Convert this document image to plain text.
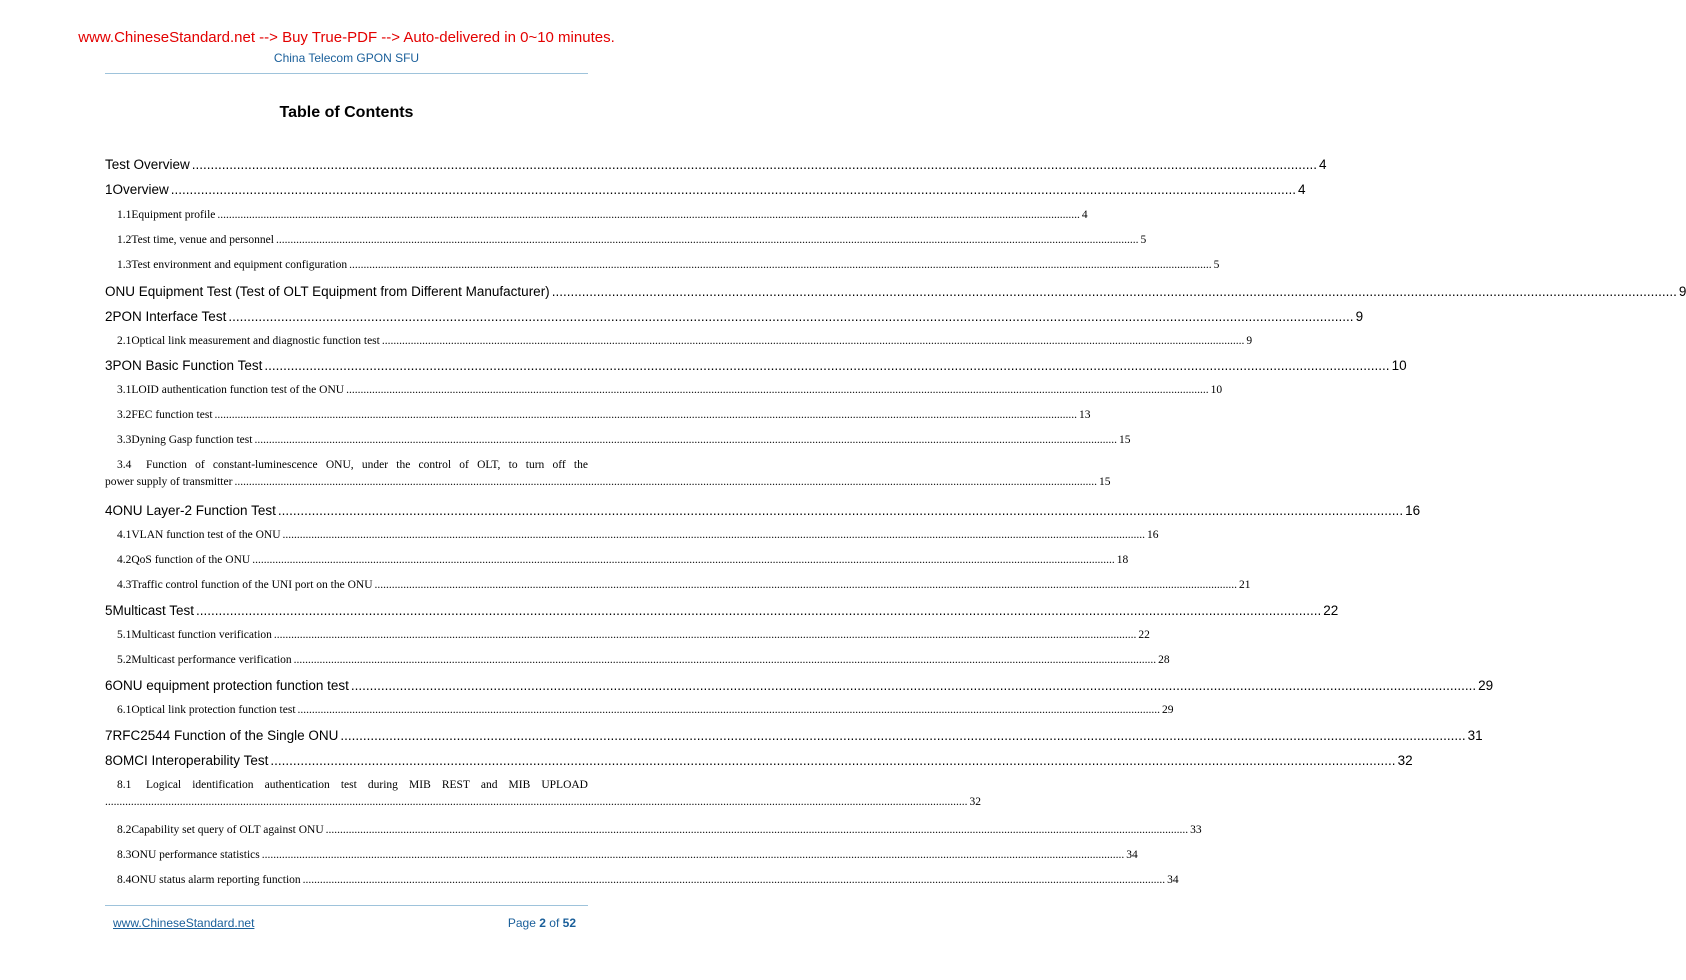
www.ChineseStandard.net --> Buy True-PDF --> Auto-delivered in 0~10 minutes.
China Telecom GPON SFU
Table of Contents
Test Overview ............................................................................................................................................................................................................................................................................................................ 4
1 Overview ............................................................................................................................................................................................................................................................................................................ 4
1.1 Equipment profile ............................................................................................................................................................................................................................................................................................................ 4
1.2 Test time, venue and personnel ............................................................................................................................................................................................................................................................................................................ 5
1.3 Test environment and equipment configuration ............................................................................................................................................................................................................................................................................................................ 5
ONU Equipment Test (Test of OLT Equipment from Different Manufacturer) ............................................................................................................................................................................................................................................................................................................ 9
2 PON Interface Test ............................................................................................................................................................................................................................................................................................................ 9
2.1 Optical link measurement and diagnostic function test ............................................................................................................................................................................................................................................................................................................ 9
3 PON Basic Function Test ............................................................................................................................................................................................................................................................................................................ 10
3.1 LOID authentication function test of the ONU ............................................................................................................................................................................................................................................................................................................ 10
3.2 FEC function test ............................................................................................................................................................................................................................................................................................................ 13
3.3 Dyning Gasp function test ............................................................................................................................................................................................................................................................................................................ 15
3.4 Function of constant-luminescence ONU, under the control of OLT, to turn off the
power supply of transmitter ............................................................................................................................................................................................................................................................................................................ 15
4 ONU Layer-2 Function Test ............................................................................................................................................................................................................................................................................................................ 16
4.1 VLAN function test of the ONU ............................................................................................................................................................................................................................................................................................................ 16
4.2 QoS function of the ONU ............................................................................................................................................................................................................................................................................................................ 18
4.3 Traffic control function of the UNI port on the ONU ............................................................................................................................................................................................................................................................................................................ 21
5 Multicast Test ............................................................................................................................................................................................................................................................................................................ 22
5.1 Multicast function verification ............................................................................................................................................................................................................................................................................................................ 22
5.2 Multicast performance verification ............................................................................................................................................................................................................................................................................................................ 28
6 ONU equipment protection function test ............................................................................................................................................................................................................................................................................................................ 29
6.1 Optical link protection function test ............................................................................................................................................................................................................................................................................................................ 29
7 RFC2544 Function of the Single ONU ............................................................................................................................................................................................................................................................................................................ 31
8 OMCI Interoperability Test ............................................................................................................................................................................................................................................................................................................ 32
8.1 Logical identification authentication test during MIB REST and MIB UPLOAD
............................................................................................................................................................................................................................................................................................................ 32
8.2 Capability set query of OLT against ONU ............................................................................................................................................................................................................................................................................................................ 33
8.3 ONU performance statistics ............................................................................................................................................................................................................................................................................................................ 34
8.4 ONU status alarm reporting function ............................................................................................................................................................................................................................................................................................................ 34
www.ChineseStandard.net	Page 2 of 52
